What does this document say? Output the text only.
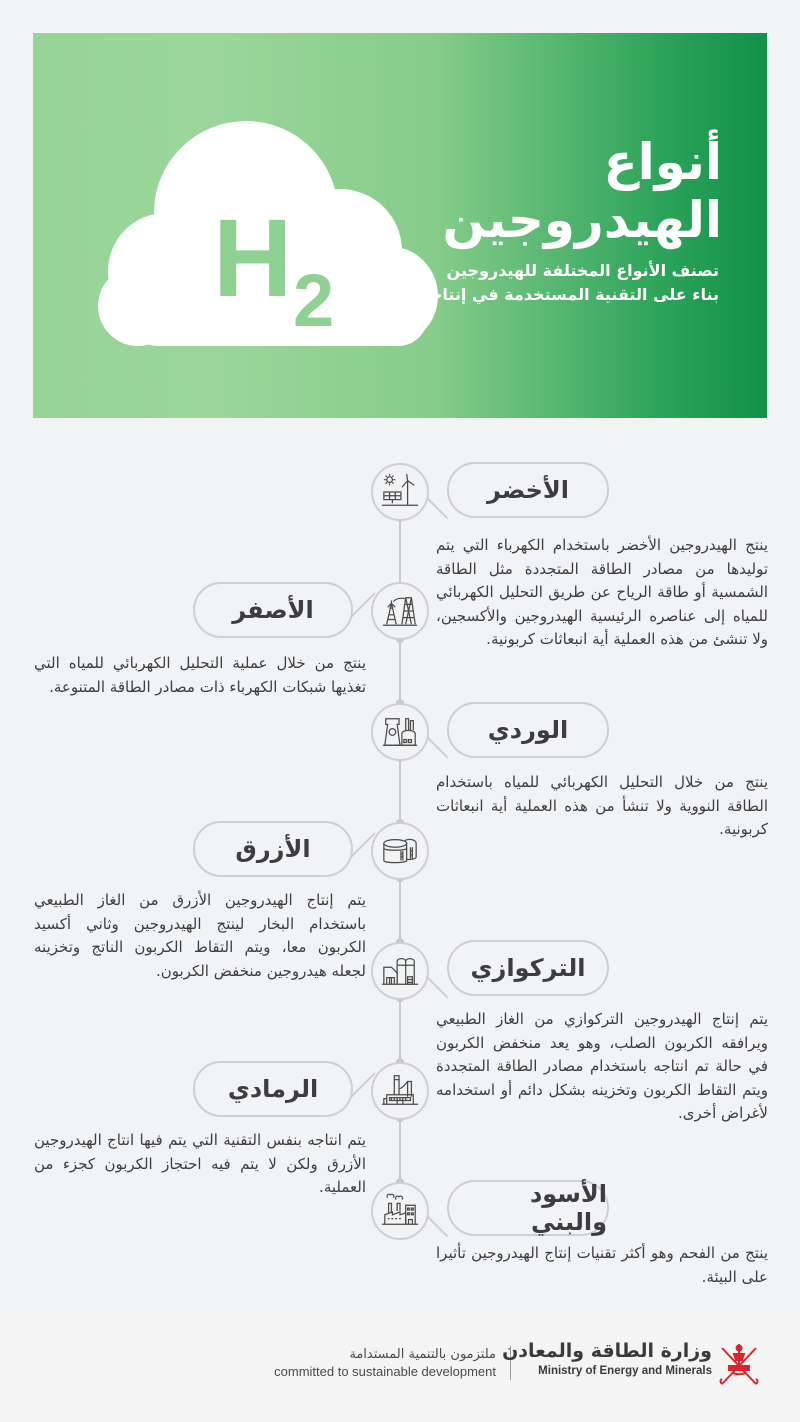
H 2
أنواع
الهيدروجين
تصنف الأنواع المختلفة للهيدروجين
بناء على التقنية المستخدمة في إنتاجه.
الأخضر
ينتج الهيدروجين الأخضر باستخدام الكهرباء التي يتم توليدها من مصادر الطاقة المتجددة مثل الطاقة الشمسية أو طاقة الرياح عن طريق التحليل الكهربائي للمياه إلى عناصره الرئيسية الهيدروجين والأكسجين، ولا تنشئ من هذه العملية أية انبعاثات كربونية.
الأصفر
ينتج من خلال عملية التحليل الكهربائي للمياه التي تغذيها شبكات الكهرباء ذات مصادر الطاقة المتنوعة.
الوردي
ينتج من خلال التحليل الكهربائي للمياه باستخدام الطاقة النووية ولا تنشأ من هذه العملية أية انبعاثات كربونية.
الأزرق
يتم إنتاج الهيدروجين الأزرق من الغاز الطبيعي باستخدام البخار لينتج الهيدروجين وثاني أكسيد الكربون معا، ويتم التقاط الكربون الناتج وتخزينه لجعله هيدروجين منخفض الكربون.	التركوازي
يتم إنتاج الهيدروجين التركوازي من الغاز الطبيعي ويرافقه الكربون الصلب، وهو يعد منخفض الكربون في حالة تم انتاجه باستخدام مصادر الطاقة المتجددة ويتم التقاط الكربون وتخزينه بشكل دائم أو استخدامه لأغراض أخرى.
الرمادي
يتم انتاجه بنفس التقنية التي يتم فيها انتاج الهيدروجين الأزرق ولكن لا يتم فيه احتجاز الكربون كجزء من العملية.	الأسود والبني
ينتج من الفحم وهو أكثر تقنيات إنتاج الهيدروجين تأثيرا على البيئة.
ملتزمون بالتنمية المستدامة
committed to sustainable development
وزارة الطاقة والمعادن
Ministry of Energy and Minerals
